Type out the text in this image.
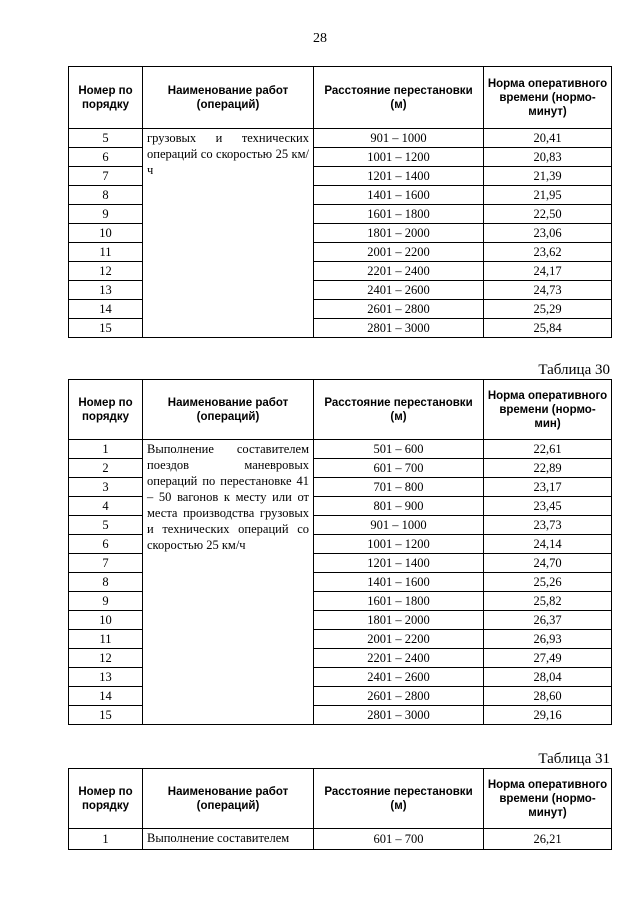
28
Номер по порядку	Наименование работ (операций)	Расстояние перестановки (м)	Норма оперативного времени (нормо-минут)
5	грузовых и технических операций со скоростью 25 км/ч	901 – 1000	20,41
6		1001 – 1200	20,83
7		1201 – 1400	21,39
8		1401 – 1600	21,95
9		1601 – 1800	22,50
10		1801 – 2000	23,06
11		2001 – 2200	23,62
12		2201 – 2400	24,17
13		2401 – 2600	24,73
14		2601 – 2800	25,29
15		2801 – 3000	25,84
Таблица 30
Номер по порядку	Наименование работ (операций)	Расстояние перестановки (м)	Норма оперативного времени (нормо-мин)
1	Выполнение составителем поездов маневровых операций по перестановке 41 – 50 вагонов к месту или от места производства грузовых и технических операций со скоростью 25 км/ч	501 – 600	22,61
2		601 – 700	22,89
3		701 – 800	23,17
4		801 – 900	23,45
5		901 – 1000	23,73
6		1001 – 1200	24,14
7		1201 – 1400	24,70
8		1401 – 1600	25,26
9		1601 – 1800	25,82
10		1801 – 2000	26,37
11		2001 – 2200	26,93
12		2201 – 2400	27,49
13		2401 – 2600	28,04
14		2601 – 2800	28,60
15		2801 – 3000	29,16
Таблица 31
Номер по порядку	Наименование работ (операций)	Расстояние перестановки (м)	Норма оперативного времени (нормо-минут)
1	Выполнение составителем	601 – 700	26,21
